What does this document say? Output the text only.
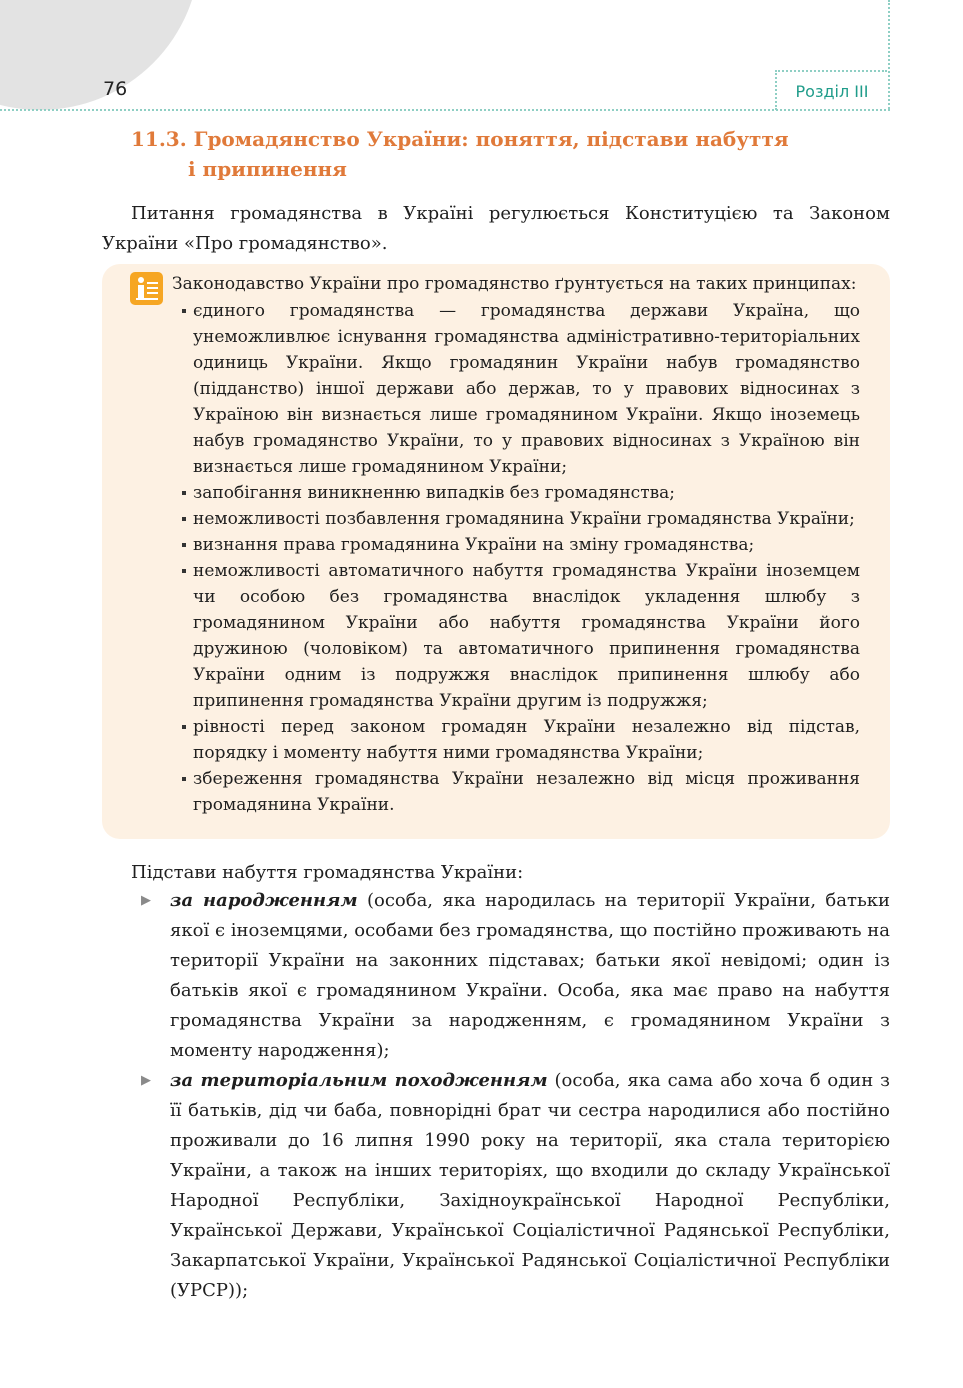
76	Розділ III
11.3. Громадянство України: поняття, підстави набуття
і припинення

Питання громадянства в Україні регулюється Конституцією та Законом України «Про громадянство».

Законодавство України про громадянство ґрунтується на таких принципах:
єдиного громадянства — громадянства держави Україна, що унеможливлює існування громадянства адміністративно-територіальних одиниць України. Якщо громадянин України набув громадянство (підданство) іншої держави або держав, то у правових відносинах з Україною він визнається лише громадянином України. Якщо іноземець набув громадянство України, то у правових відносинах з Україною він визнається лише громадянином України;
запобігання виникненню випадків без громадянства;
неможливості позбавлення громадянина України громадянства України;
визнання права громадянина України на зміну громадянства;
неможливості автоматичного набуття громадянства України іноземцем чи особою без громадянства внаслідок укладення шлюбу з громадянином України або набуття громадянства України його дружиною (чоловіком) та автоматичного припинення громадянства України одним із подружжя внаслідок припинення шлюбу або припинення громадянства України другим із подружжя;
рівності перед законом громадян України незалежно від підстав, порядку і моменту набуття ними громадянства України;
збереження громадянства України незалежно від місця проживання громадянина України.
Підстави набуття громадянства України:
▶ за народженням (особа, яка народилась на території України, батьки якої є іноземцями, особами без громадянства, що постійно проживають на території України на законних підставах; батьки якої невідомі; один із батьків якої є громадянином України. Особа, яка має право на набуття громадянства України за народженням, є громадянином України з моменту народження);
▶ за територіальним походженням (особа, яка сама або хоча б один з її батьків, дід чи баба, повнорідні брат чи сестра народилися або постійно проживали до 16 липня 1990 року на території, яка стала територією України, а також на інших територіях, що входили до складу Української Народної Республіки, Західноукраїнської Народної Республіки, Української Держави, Української Соціалістичної Радянської Республіки, Закарпатської України, Української Радянської Соціалістичної Республіки (УРСР));
